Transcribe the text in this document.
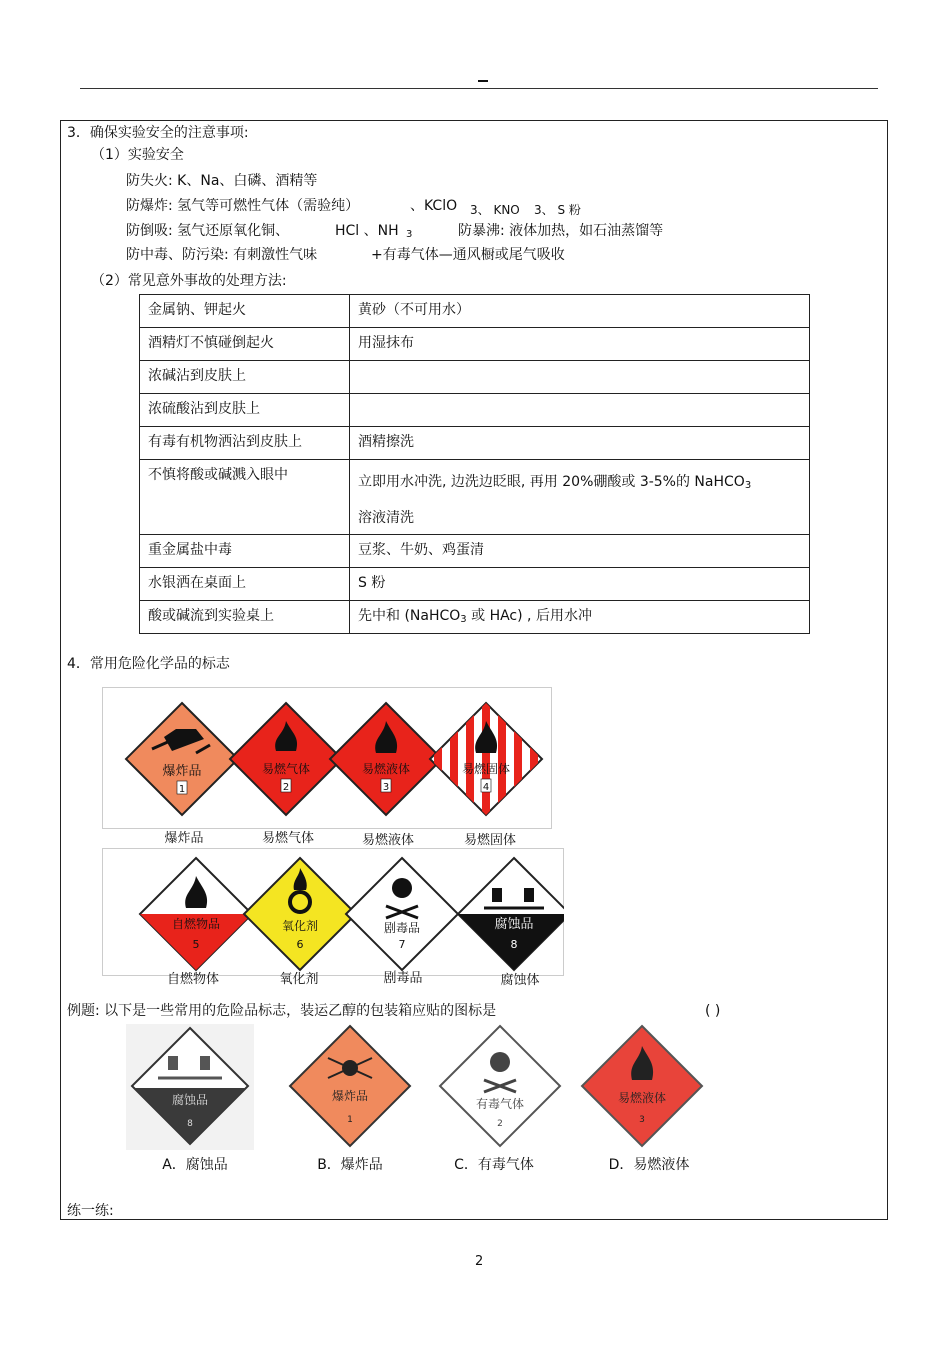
3．确保实验安全的注意事项:
（1）实验安全
防失火: K、Na、白磷、酒精等
防爆炸: 氢气等可燃性气体（需验纯）	、KClO 3、 KNO 3、 S 粉
防倒吸: 氢气还原氧化铜、	HCl 、NH 3	防暴沸: 液体加热，如石油蒸馏等
防中毒、防污染: 有刺激性气味	+有毒气体—通风橱或尾气吸收
（2）常见意外事故的处理方法:
金属钠、钾起火	黄砂（不可用水）
酒精灯不慎碰倒起火	用湿抹布
浓碱沾到皮肤上	
浓硫酸沾到皮肤上	
有毒有机物洒沾到皮肤上	酒精擦洗
不慎将酸或碱溅入眼中	立即用水冲洗, 边洗边眨眼, 再用 20%硼酸或 3-5%的 NaHCO$_3$
溶液清洗
重金属盐中毒	豆浆、牛奶、鸡蛋清
水银洒在桌面上	S 粉
酸或碱流到实验桌上	先中和 (NaHCO$_3$ 或 HAc) , 后用水冲
4．常用危险化学品的标志
爆炸品
1
易燃气体
2
易燃液体
3
易燃固体
4
爆炸品	易燃气体	易燃液体	易燃固体
自燃物品
5
氧化剂
6
剧毒品
7
腐蚀品
8
自燃物体	氧化剂	剧毒品	腐蚀体
例题: 以下是一些常用的危险品标志，装运乙醇的包装箱应贴的图标是	( )
腐蚀品
8
爆炸品
1
有毒气体
2
易燃液体
3
A．腐蚀品	B．爆炸品	C．有毒气体	D．易燃液体
练一练:
2
